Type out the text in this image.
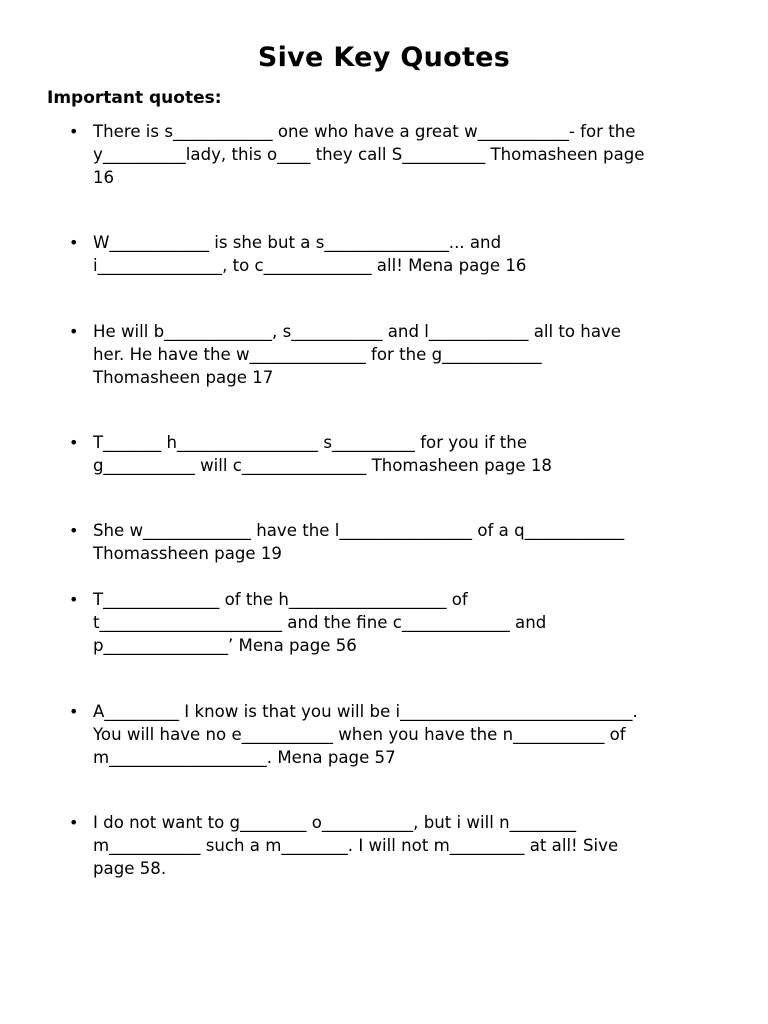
Sive Key Quotes
Important quotes:
• There is s____________ one who have a great w___________- for the
y__________lady, this o____ they call S__________ Thomasheen page
16
• W____________ is she but a s_______________... and
i_______________, to c_____________ all! Mena page 16
• He will b_____________, s___________ and l____________ all to have
her. He have the w______________ for the g____________
Thomasheen page 17
• T_______ h_________________ s__________ for you if the
g___________ will c_______________ Thomasheen page 18
• She w_____________ have the l________________ of a q____________
Thomassheen page 19
• T______________ of the h___________________ of
t______________________ and the fine c_____________ and
p_______________’ Mena page 56
• A_________ I know is that you will be i____________________________.
You will have no e___________ when you have the n___________ of
m___________________. Mena page 57
• I do not want to g________ o___________, but i will n________
m___________ such a m________. I will not m_________ at all! Sive
page 58.
